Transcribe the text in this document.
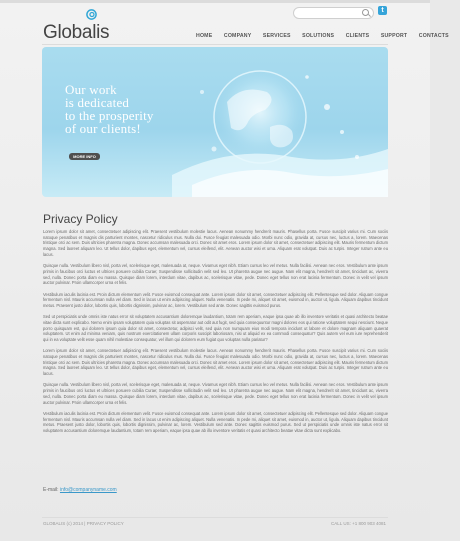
t
Globalis	HOME COMPANY SERVICES SOLUTIONS CLIENTS SUPPORT CONTACTS
Our work
is dedicated
to the prosperity
of our clients!
MORE INFO
Privacy Policy

Lorem ipsum dolor sit amet, consectetuer adipiscing elit. Praesent vestibulum molestie lacus. Aenean nonummy hendrerit mauris. Phasellus porta. Fusce suscipit varius mi. Cum sociis natoque penatibus et magnis dis parturient montes, nascetur ridiculus mus. Nulla dui. Fusce feugiat malesuada odio. Morbi nunc odio, gravida at, cursus nec, luctus a, lorem. Maecenas tristique orci ac sem. Duis ultricies pharetra magna. Donec accumsan malesuada orci. Donec sit amet eros. Lorem ipsum dolor sit amet, consectetuer adipiscing elit. Mauris fermentum dictum magna. Sed laoreet aliquam leo. Ut tellus dolor, dapibus eget, elementum vel, cursus eleifend, elit. Aenean auctor wisi et urna. Aliquam erat volutpat. Duis ac turpis. Integer rutrum ante eu lacus.

Quisque nulla. Vestibulum libero nisl, porta vel, scelerisque eget, malesuada at, neque. Vivamus eget nibh. Etiam cursus leo vel metus. Nulla facilisi. Aenean nec eros. Vestibulum ante ipsum primis in faucibus orci luctus et ultrices posuere cubilia Curae; Suspendisse sollicitudin velit sed leo. Ut pharetra augue nec augue. Nam elit magna, hendrerit sit amet, tincidunt ac, viverra sed, nulla. Donec porta diam eu massa. Quisque diam lorem, interdum vitae, dapibus ac, scelerisque vitae, pede. Donec eget tellus non erat lacinia fermentum. Donec in velit vel ipsum auctor pulvinar. Proin ullamcorper urna et felis.

Vestibulum iaculis lacinia est. Proin dictum elementum velit. Fusce euismod consequat ante. Lorem ipsum dolor sit amet, consectetuer adipiscing elit. Pellentesque sed dolor. Aliquam congue fermentum nisl. Mauris accumsan nulla vel diam. Sed in lacus ut enim adipiscing aliquet. Nulla venenatis. In pede mi, aliquet sit amet, euismod in, auctor ut, ligula. Aliquam dapibus tincidunt metus. Praesent justo dolor, lobortis quis, lobortis dignissim, pulvinar ac, lorem. Vestibulum sed ante. Donec sagittis euismod purus.

Sed ut perspiciatis unde omnis iste natus error sit voluptatem accusantium doloremque laudantium, totam rem aperiam, eaque ipsa quae ab illo inventore veritatis et quasi architecto beatae vitae dicta sunt explicabo. Nemo enim ipsam voluptatem quia voluptas sit aspernatur aut odit aut fugit, sed quia consequuntur magni dolores eos qui ratione voluptatem sequi nesciunt. Neque porro quisquam est, qui dolorem ipsum quia dolor sit amet, consectetur, adipisci velit, sed quia non numquam eius modi tempora incidunt ut labore et dolore magnam aliquam quaerat voluptatem. Ut enim ad minima veniam, quis nostrum exercitationem ullam corporis suscipit laboriosam, nisi ut aliquid ex ea commodi consequatur? Quis autem vel eum iure reprehenderit qui in ea voluptate velit esse quam nihil molestiae consequatur, vel illum qui dolorem eum fugiat quo voluptas nulla pariatur?

Lorem ipsum dolor sit amet, consectetuer adipiscing elit. Praesent vestibulum molestie lacus. Aenean nonummy hendrerit mauris. Phasellus porta. Fusce suscipit varius mi. Cum sociis natoque penatibus et magnis dis parturient montes, nascetur ridiculus mus. Nulla dui. Fusce feugiat malesuada odio. Morbi nunc odio, gravida at, cursus nec, luctus a, lorem. Maecenas tristique orci ac sem. Duis ultricies pharetra magna. Donec accumsan malesuada orci. Donec sit amet eros. Lorem ipsum dolor sit amet, consectetuer adipiscing elit. Mauris fermentum dictum magna. Sed laoreet aliquam leo. Ut tellus dolor, dapibus eget, elementum vel, cursus eleifend, elit. Aenean auctor wisi et urna. Aliquam erat volutpat. Duis ac turpis. Integer rutrum ante eu lacus.

Quisque nulla. Vestibulum libero nisl, porta vel, scelerisque eget, malesuada at, neque. Vivamus eget nibh. Etiam cursus leo vel metus. Nulla facilisi. Aenean nec eros. Vestibulum ante ipsum primis in faucibus orci luctus et ultrices posuere cubilia Curae; Suspendisse sollicitudin velit sed leo. Ut pharetra augue nec augue. Nam elit magna, hendrerit sit amet, tincidunt ac, viverra sed, nulla. Donec porta diam eu massa. Quisque diam lorem, interdum vitae, dapibus ac, scelerisque vitae, pede. Donec eget tellus non erat lacinia fermentum. Donec in velit vel ipsum auctor pulvinar. Proin ullamcorper urna et felis.

Vestibulum iaculis lacinia est. Proin dictum elementum velit. Fusce euismod consequat ante. Lorem ipsum dolor sit amet, consectetuer adipiscing elit. Pellentesque sed dolor. Aliquam congue fermentum nisl. Mauris accumsan nulla vel diam. Sed in lacus ut enim adipiscing aliquet. Nulla venenatis. In pede mi, aliquet sit amet, euismod in, auctor ut, ligula. Aliquam dapibus tincidunt metus. Praesent justo dolor, lobortis quis, lobortis dignissim, pulvinar ac, lorem. Vestibulum sed ante. Donec sagittis euismod purus. Sed ut perspiciatis unde omnis iste natus error sit voluptatem accusantium doloremque laudantium, totam rem aperiam, eaque ipsa quae ab illo inventore veritatis et quasi architecto beatae vitae dicta sunt explicabo.

E-mail: info@companyname.com
GLOBALIS (c) 2014 | PRIVACY POLICY	CALL US: +1 800 903 4081
